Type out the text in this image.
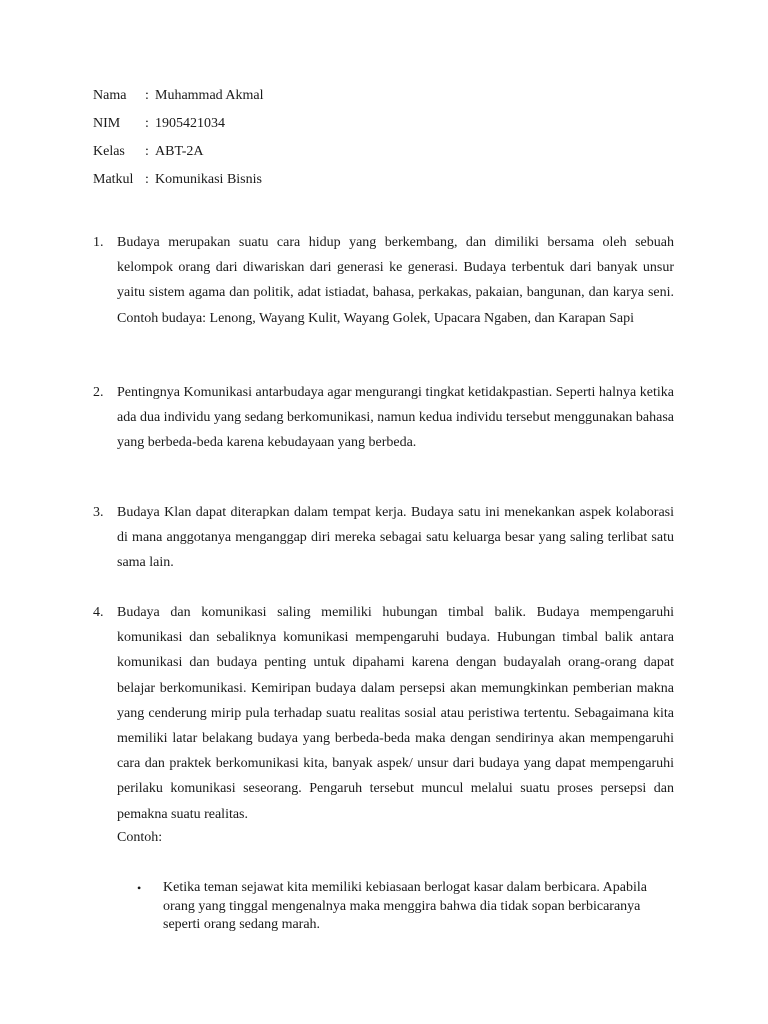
Nama	: Muhammad Akmal
NIM	: 1905421034
Kelas	: ABT-2A
Matkul : Komunikasi Bisnis
1. Budaya merupakan suatu cara hidup yang berkembang, dan dimiliki bersama oleh sebuah kelompok orang dari diwariskan dari generasi ke generasi. Budaya terbentuk dari banyak unsur yaitu sistem agama dan politik, adat istiadat, bahasa, perkakas, pakaian, bangunan, dan karya seni. Contoh budaya: Lenong, Wayang Kulit, Wayang Golek, Upacara Ngaben, dan Karapan Sapi
2. Pentingnya Komunikasi antarbudaya agar mengurangi tingkat ketidakpastian. Seperti halnya ketika ada dua individu yang sedang berkomunikasi, namun kedua individu tersebut menggunakan bahasa yang berbeda-beda karena kebudayaan yang berbeda.
3. Budaya Klan dapat diterapkan dalam tempat kerja. Budaya satu ini menekankan aspek kolaborasi di mana anggotanya menganggap diri mereka sebagai satu keluarga besar yang saling terlibat satu sama lain.
4. Budaya dan komunikasi saling memiliki hubungan timbal balik. Budaya mempengaruhi komunikasi dan sebaliknya komunikasi mempengaruhi budaya. Hubungan timbal balik antara komunikasi dan budaya penting untuk dipahami karena dengan budayalah orang-orang dapat belajar berkomunikasi. Kemiripan budaya dalam persepsi akan memungkinkan pemberian makna yang cenderung mirip pula terhadap suatu realitas sosial atau peristiwa tertentu. Sebagaimana kita memiliki latar belakang budaya yang berbeda-beda maka dengan sendirinya akan mempengaruhi cara dan praktek berkomunikasi kita, banyak aspek/ unsur dari budaya yang dapat mempengaruhi perilaku komunikasi seseorang. Pengaruh tersebut muncul melalui suatu proses persepsi dan pemakna suatu realitas.
Contoh:
• Ketika teman sejawat kita memiliki kebiasaan berlogat kasar dalam berbicara. Apabila orang yang tinggal mengenalnya maka menggira bahwa dia tidak sopan berbicaranya seperti orang sedang marah.
